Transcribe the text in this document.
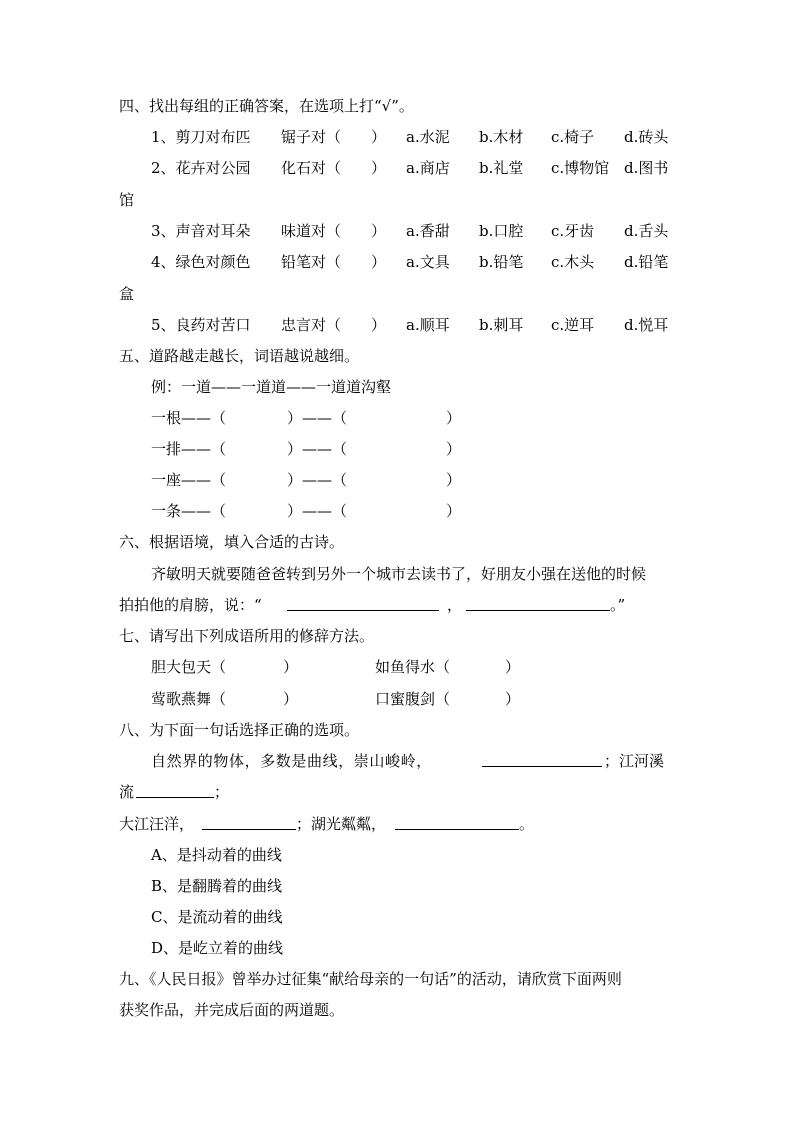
四、找出每组的正确答案，在选项上打“√”。
1、剪刀对布匹 锯子对（　　） a.水泥 b.木材 c.椅子 d.砖头
2、花卉对公园 化石对（　　） a.商店 b.礼堂 c.博物馆 d.图书
馆
3、声音对耳朵 味道对（　　） a.香甜 b.口腔 c.牙齿 d.舌头
4、绿色对颜色 铅笔对（　　） a.文具 b.铅笔 c.木头 d.铅笔
盒
5、良药对苦口 忠言对（　　） a.顺耳 b.刺耳 c.逆耳 d.悦耳
五、道路越走越长，词语越说越细。
例：一道——一道道——一道道沟壑
一根——（	）——（	）
一排——（	）——（	）
一座——（	）——（	）
一条——（	）——（	）
六、根据语境，填入合适的古诗。
齐敏明天就要随爸爸转到另外一个城市去读书了，好朋友小强在送他的时候
拍拍他的肩膀，说：“	，	。”
七、请写出下列成语所用的修辞方法。
胆大包天（	）	如鱼得水（	）
莺歌燕舞（	）	口蜜腹剑（	）
八、为下面一句话选择正确的选项。
自然界的物体，多数是曲线，崇山峻岭，	；江河溪
流	；
大江汪洋，	；湖光粼粼，	。
A、是抖动着的曲线
B、是翻腾着的曲线
C、是流动着的曲线
D、是屹立着的曲线
九、《人民日报》曾举办过征集“献给母亲的一句话”的活动，请欣赏下面两则
获奖作品，并完成后面的两道题。
